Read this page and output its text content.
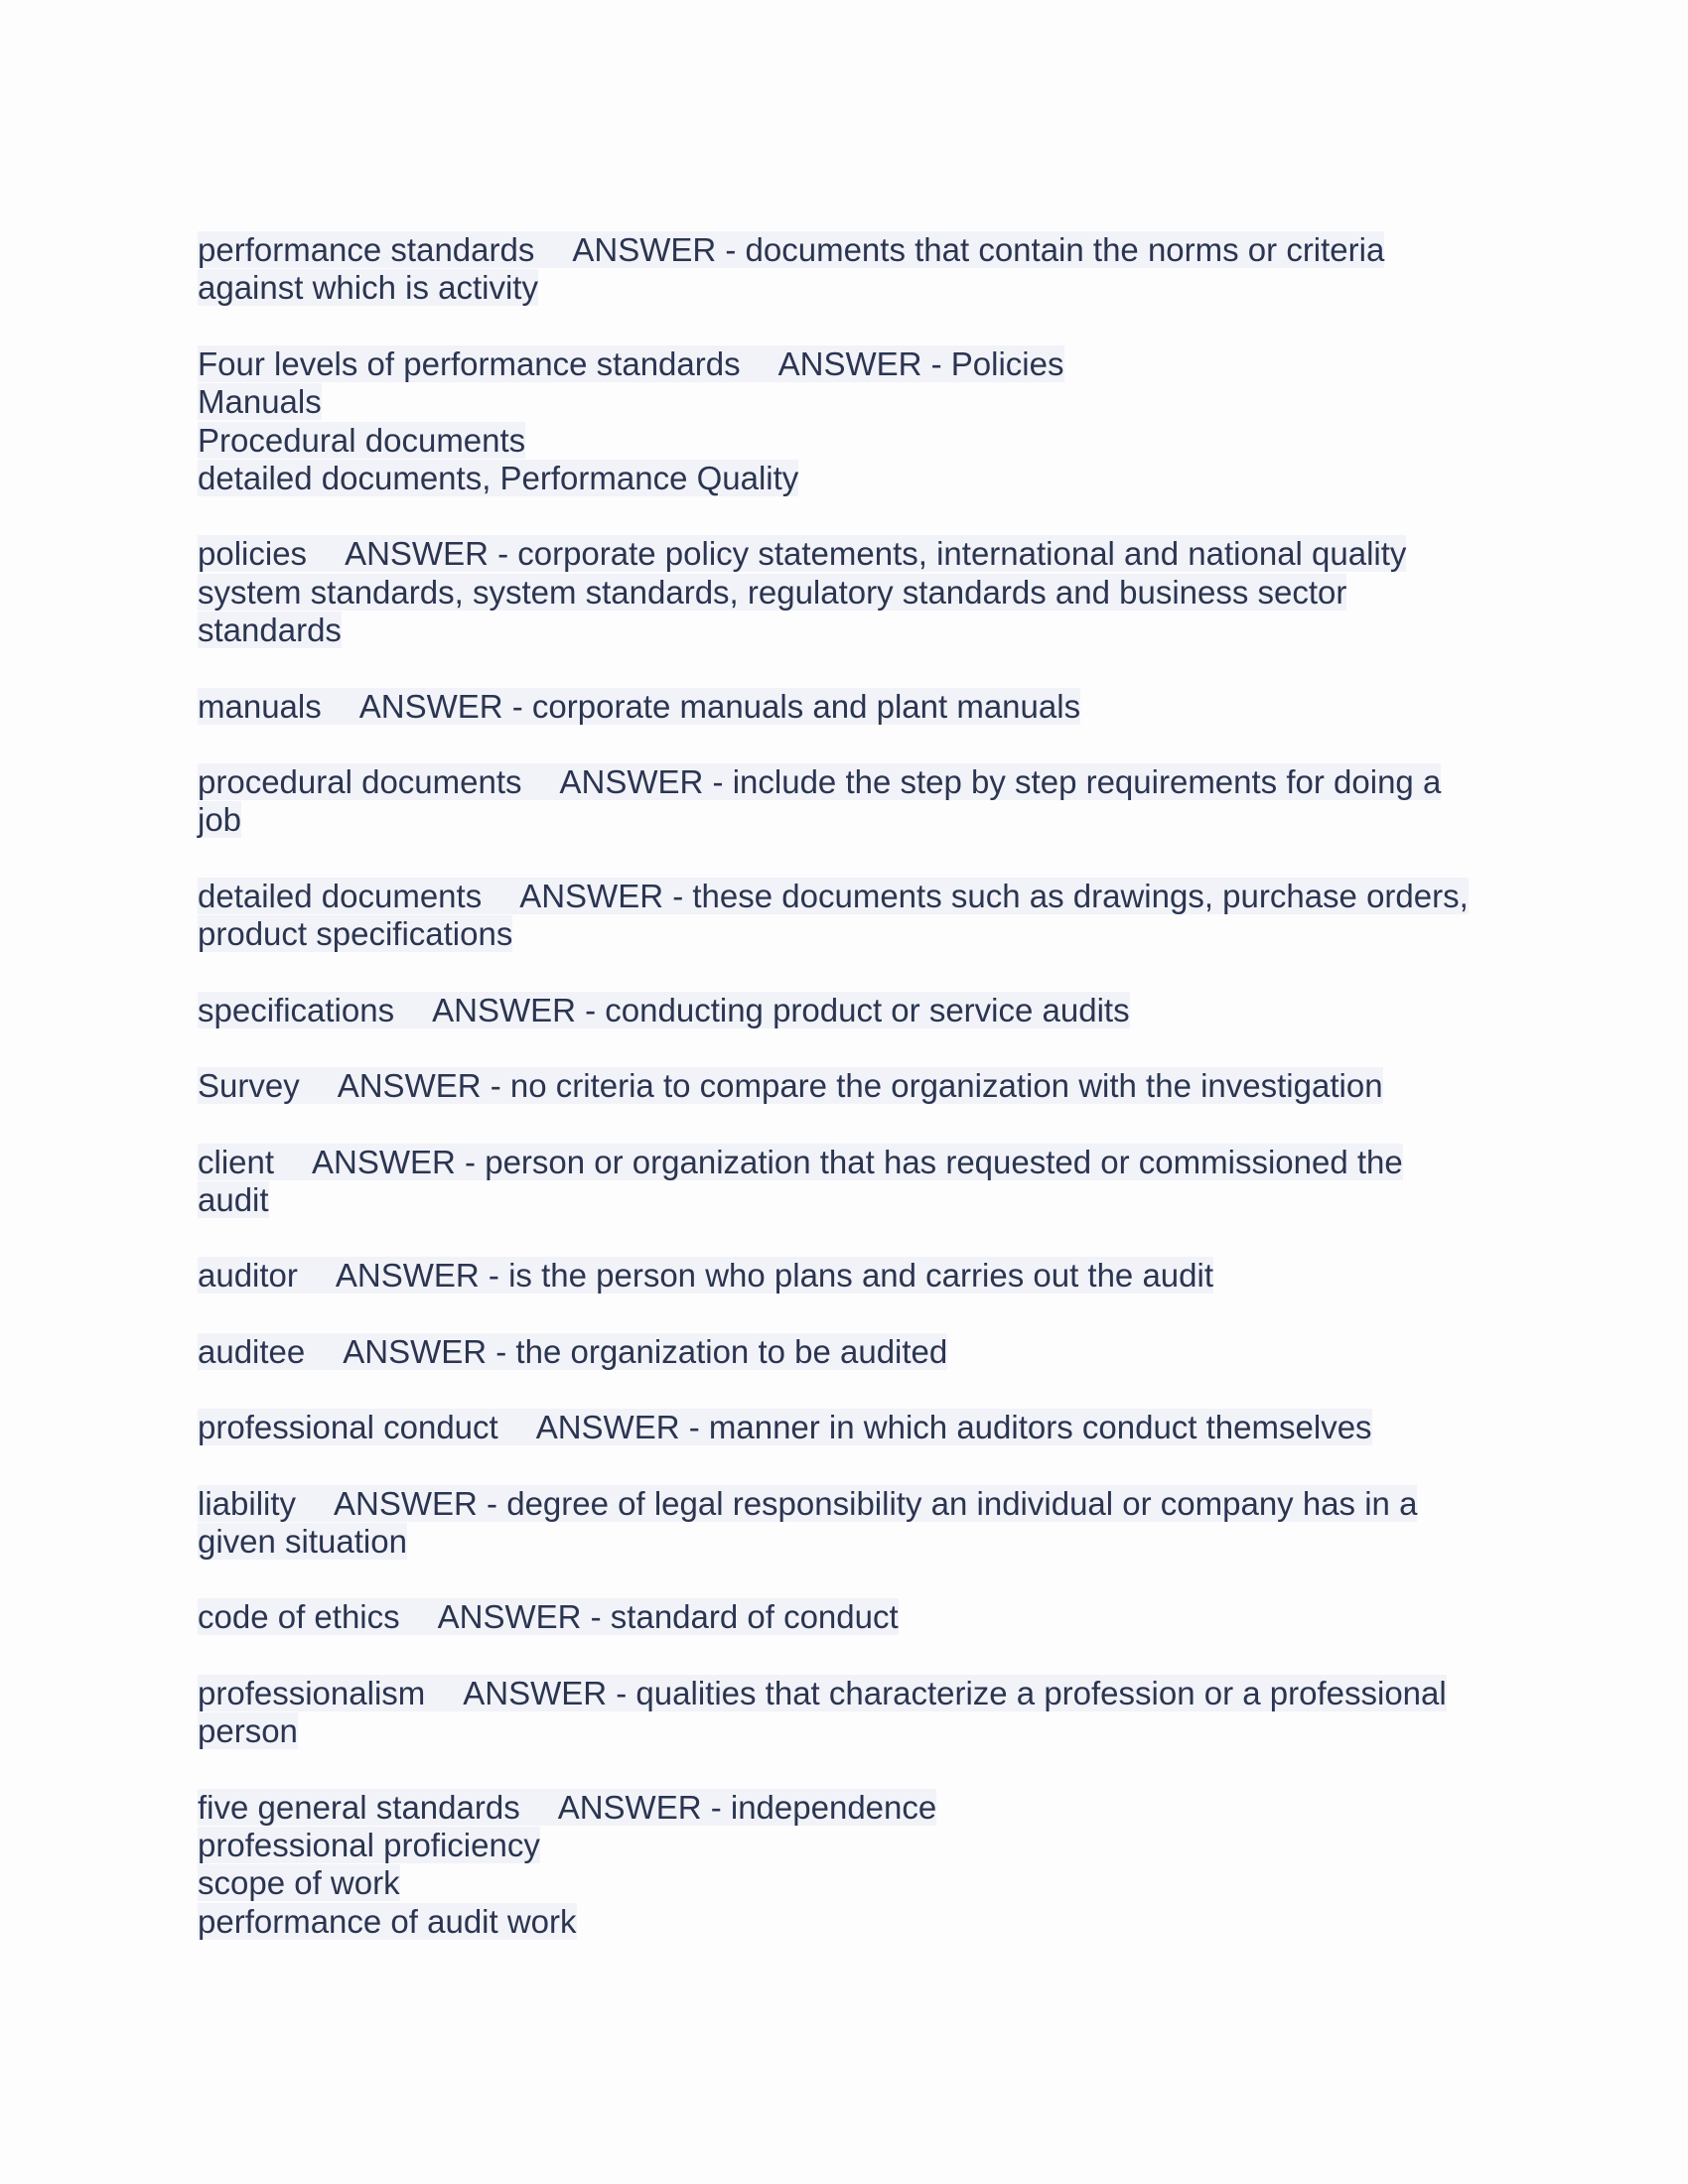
performance standards ANSWER - documents that contain the norms or criteria
against which is activity
Four levels of performance standards ANSWER - Policies
Manuals
Procedural documents
detailed documents, Performance Quality
policies ANSWER - corporate policy statements, international and national quality
system standards, system standards, regulatory standards and business sector
standards
manuals ANSWER - corporate manuals and plant manuals
procedural documents ANSWER - include the step by step requirements for doing a
job
detailed documents ANSWER - these documents such as drawings, purchase orders,
product specifications
specifications ANSWER - conducting product or service audits
Survey ANSWER - no criteria to compare the organization with the investigation
client ANSWER - person or organization that has requested or commissioned the
audit
auditor ANSWER - is the person who plans and carries out the audit
auditee ANSWER - the organization to be audited
professional conduct ANSWER - manner in which auditors conduct themselves
liability ANSWER - degree of legal responsibility an individual or company has in a
given situation
code of ethics ANSWER - standard of conduct
professionalism ANSWER - qualities that characterize a profession or a professional
person
five general standards ANSWER - independence
professional proficiency
scope of work
performance of audit work
